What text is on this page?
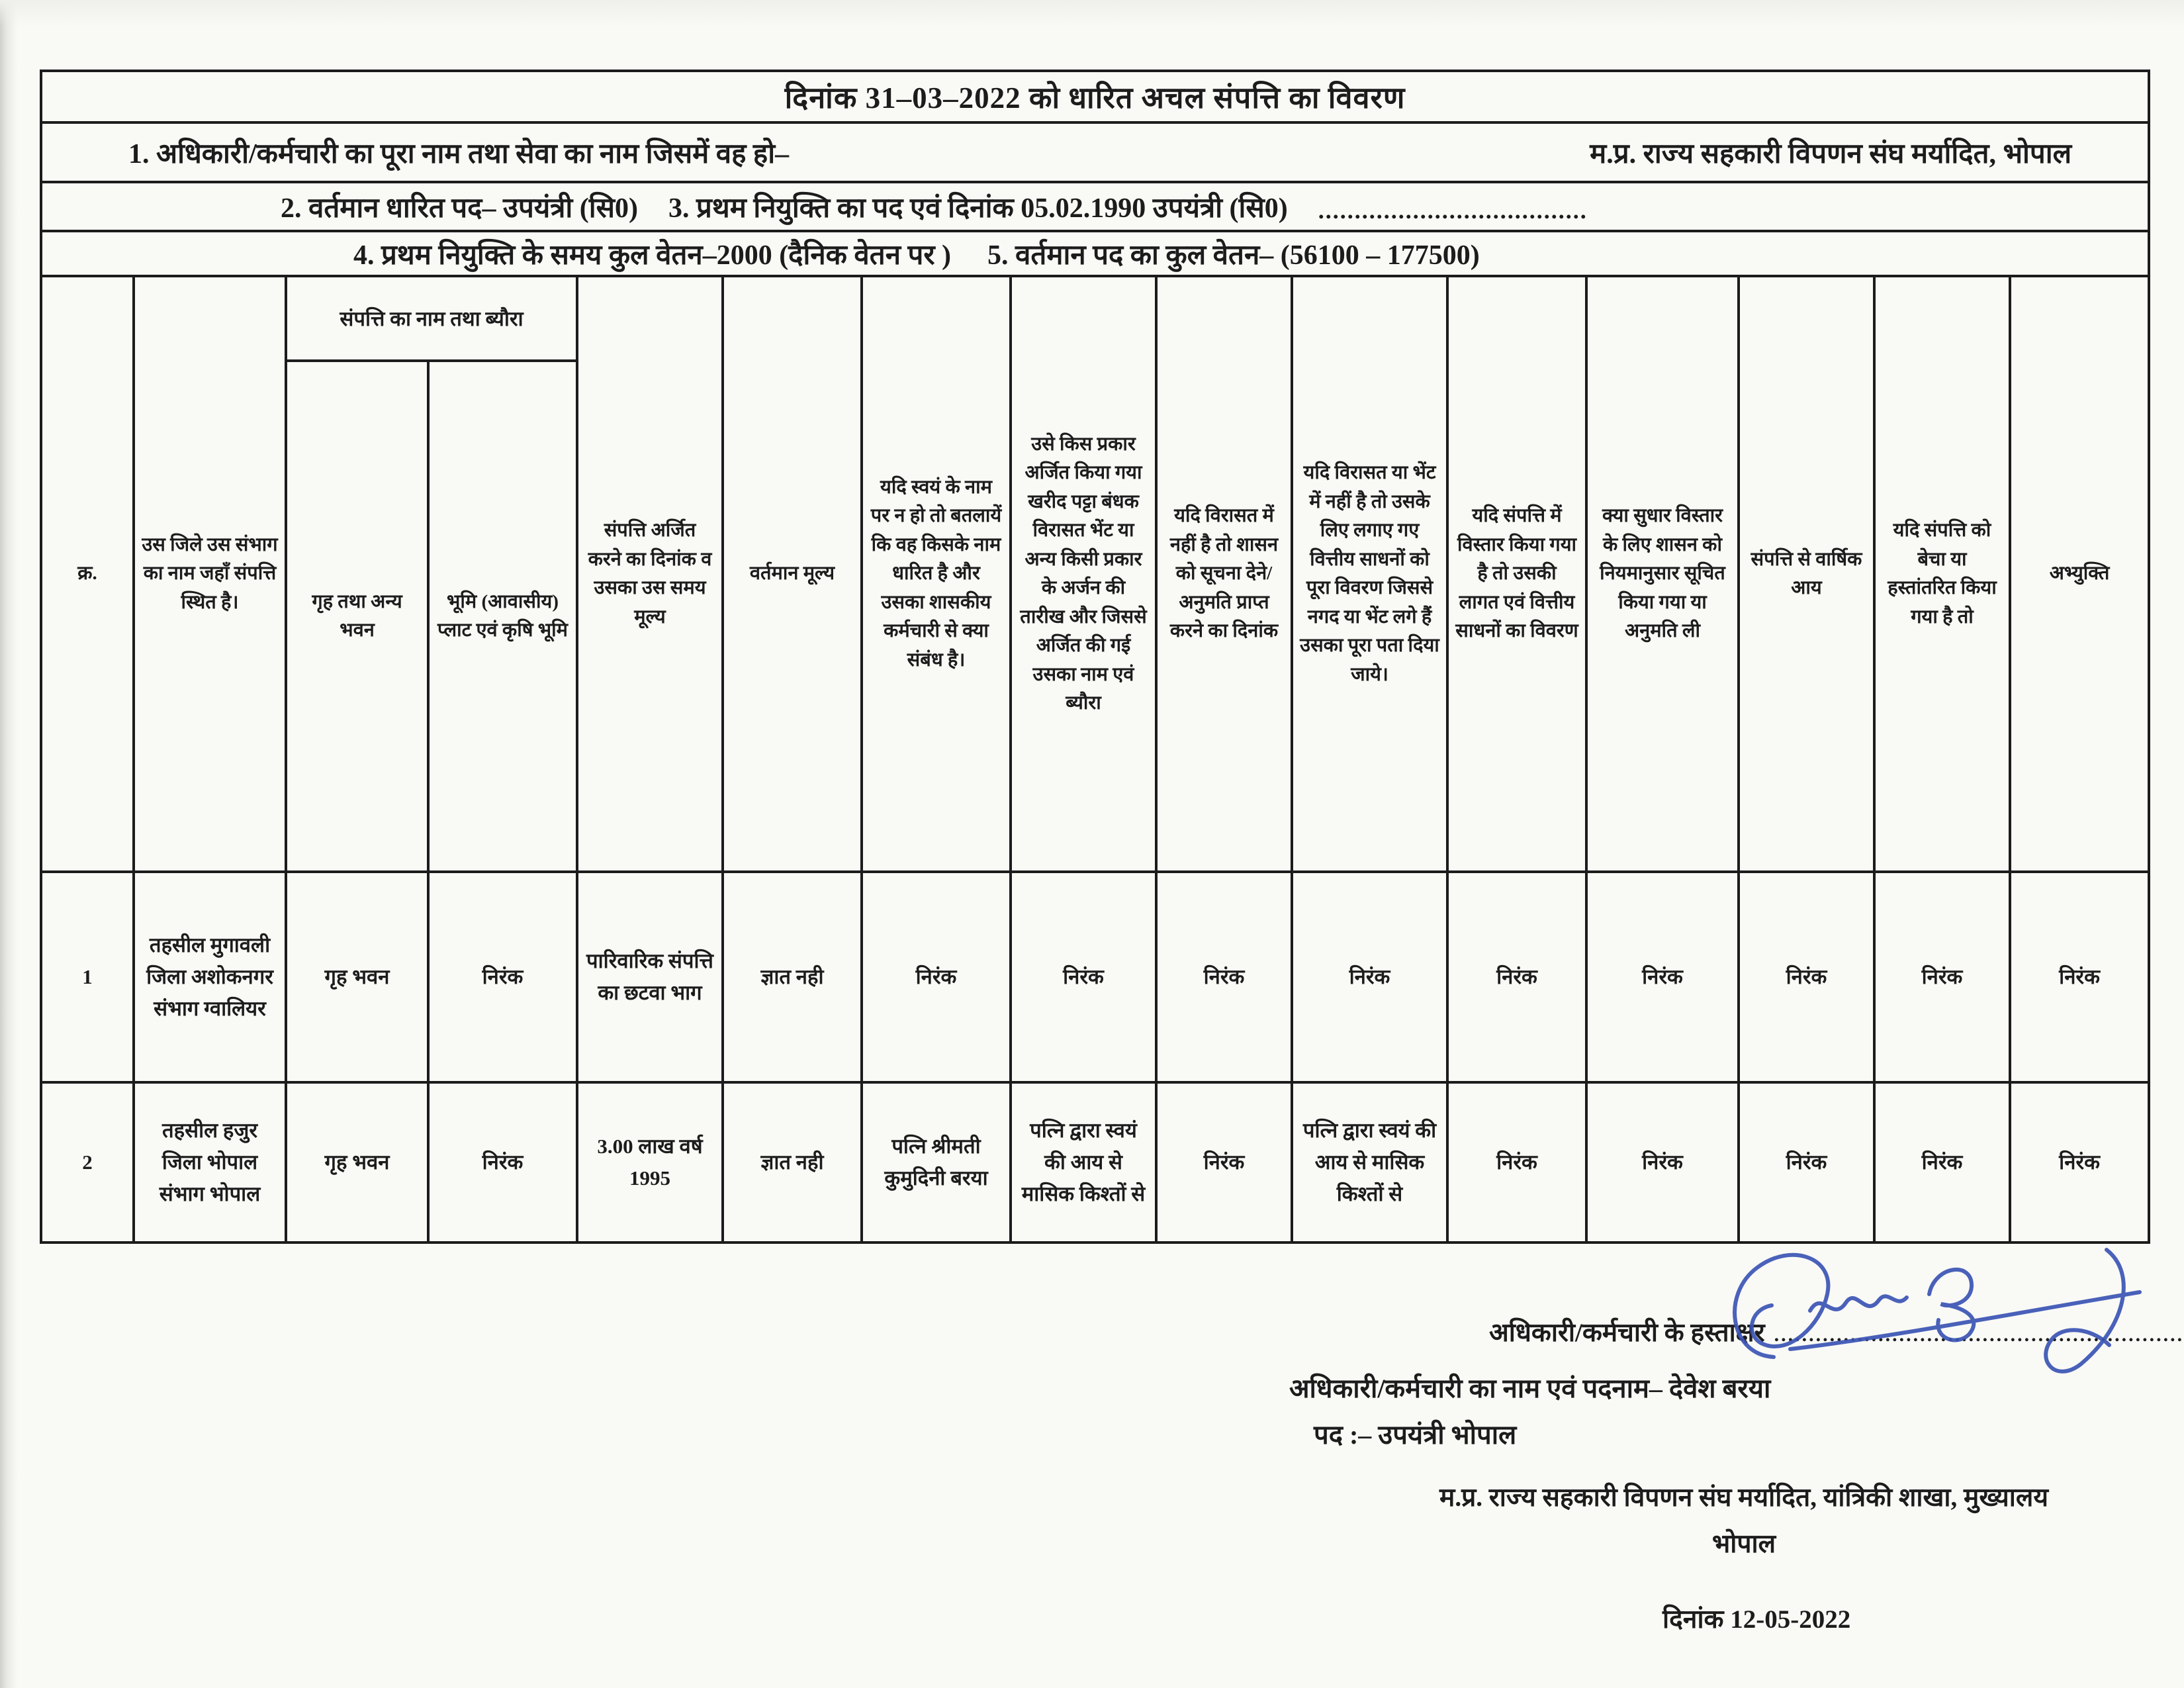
दिनांक 31–03–2022 को धारित अचल संपत्ति का विवरण														

1. अधिकारी/कर्मचारी का पूरा नाम तथा सेवा का नाम जिसमें वह हो– म.प्र. राज्य सहकारी विपणन संघ मर्यादित, भोपाल														

2. वर्तमान धारित पद– उपयंत्री (सि0) 3. प्रथम नियुक्ति का पद एवं दिनांक 05.02.1990 उपयंत्री (सि0) .....................................														

4. प्रथम नियुक्ति के समय कुल वेतन–2000 (दैनिक वेतन पर ) 5. वर्तमान पद का कुल वेतन– (56100 – 177500)														

क्र.	उस जिले उस संभाग का नाम जहाँ संपत्ति स्थित है।	संपत्ति का नाम तथा ब्यौरा		संपत्ति अर्जित करने का दिनांक व उसका उस समय मूल्य	वर्तमान मूल्य	यदि स्वयं के नाम पर न हो तो बतलायें कि वह किसके नाम धारित है और उसका शासकीय कर्मचारी से क्या संबंध है।	उसे किस प्रकार अर्जित किया गया खरीद पट्टा बंधक विरासत भेंट या अन्य किसी प्रकार के अर्जन की तारीख और जिससे अर्जित की गई उसका नाम एवं ब्यौरा	यदि विरासत में नहीं है तो शासन को सूचना देने/अनुमति प्राप्त करने का दिनांक	यदि विरासत या भेंट में नहीं है तो उसके लिए लगाए गए वित्तीय साधनों को पूरा विवरण जिससे नगद या भेंट लगे हैं उसका पूरा पता दिया जाये।	यदि संपत्ति में विस्तार किया गया है तो उसकी लागत एवं वित्तीय साधनों का विवरण	क्या सुधार विस्तार के लिए शासन को नियमानुसार सूचित किया गया या अनुमति ली	संपत्ति से वार्षिक आय	यदि संपत्ति को बेचा या हस्तांतरित किया गया है तो	अभ्युक्ति
		गृह तथा अन्य भवन	भूमि (आवासीय) प्लाट एवं कृषि भूमि											
1	तहसील मुगावली जिला अशोकनगर संभाग ग्वालियर	गृह भवन	निरंक	पारिवारिक संपत्ति का छटवा भाग	ज्ञात नही	निरंक	निरंक	निरंक	निरंक	निरंक	निरंक	निरंक	निरंक	निरंक
2	तहसील हजुर जिला भोपाल संभाग भोपाल	गृह भवन	निरंक	3.00 लाख वर्ष 1995	ज्ञात नही	पत्नि श्रीमती कुमुदिनी बरया	पत्नि द्वारा स्वयं की आय से मासिक किश्तों से	निरंक	पत्नि द्वारा स्वयं की आय से मासिक किश्तों से	निरंक	निरंक	निरंक	निरंक	निरंक
अधिकारी/कर्मचारी के हस्ताक्षर ...........................................................
अधिकारी/कर्मचारी का नाम एवं पदनाम– देवेश बरया
पद :– उपयंत्री भोपाल
म.प्र. राज्य सहकारी विपणन संघ मर्यादित, यांत्रिकी शाखा, मुख्यालय
भोपाल
दिनांक 12-05-2022
